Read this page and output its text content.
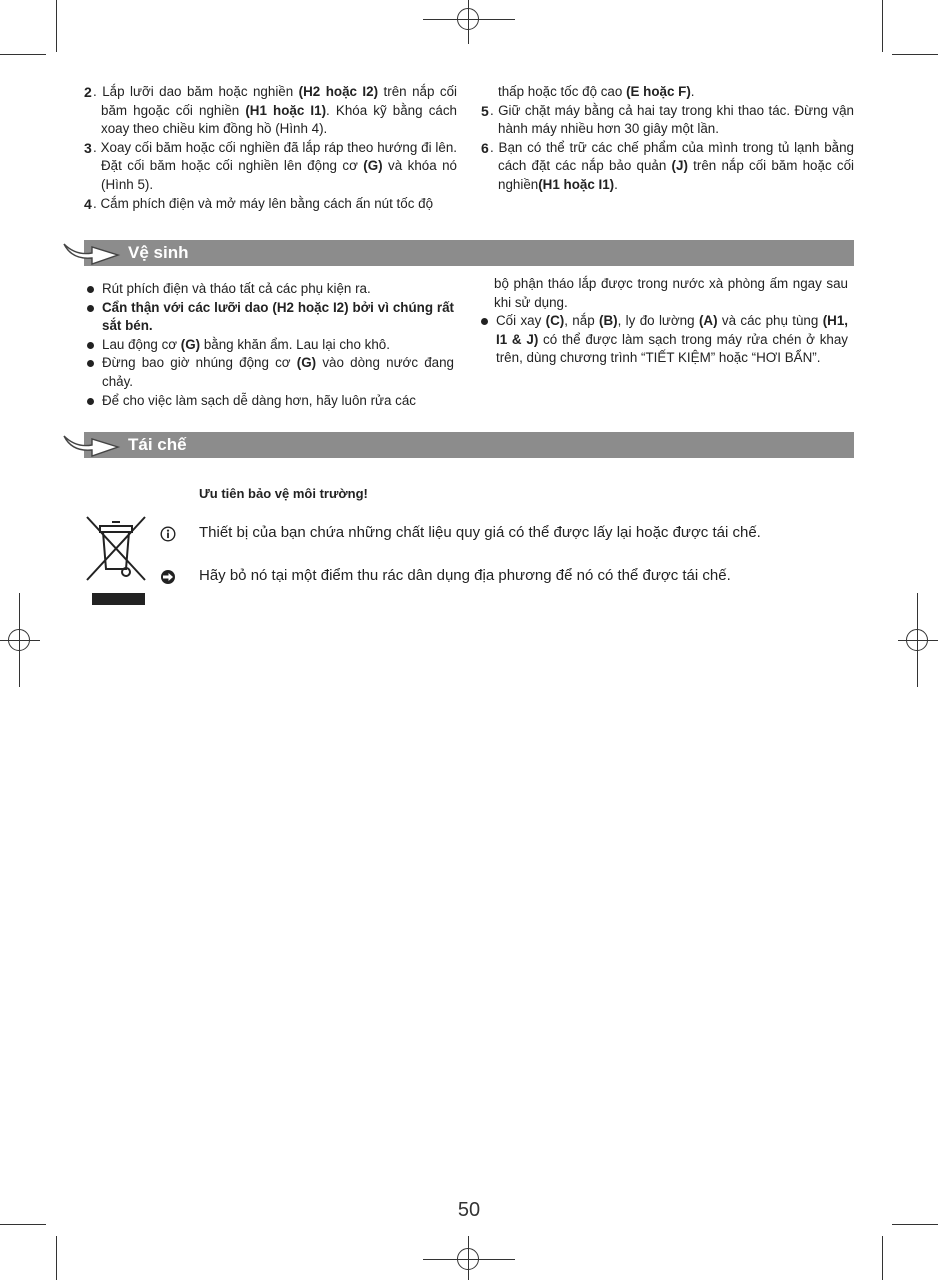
2 . Lắp lưỡi dao băm hoặc nghiền (H2 hoặc I2) trên nắp cối băm hgoặc cối nghiền (H1 hoặc I1). Khóa kỹ bằng cách xoay theo chiều kim đồng hồ (Hình 4).
3 . Xoay cối băm hoặc cối nghiền đã lắp ráp theo hướng đi lên. Đặt cối băm hoặc cối nghiền lên động cơ (G) và khóa nó (Hình 5).
4 . Cắm phích điện và mở máy lên bằng cách ấn nút tốc độ
thấp hoặc tốc độ cao (E hoặc F).
5 . Giữ chặt máy bằng cả hai tay trong khi thao tác. Đừng vận hành máy nhiều hơn 30 giây một lần.
6 . Bạn có thể trữ các chế phẩm của mình trong tủ lạnh bằng cách đặt các nắp bảo quản (J) trên nắp cối băm hoặc cối nghiền(H1 hoặc I1).
Vệ sinh
Rút phích điện và tháo tất cả các phụ kiện ra.
Cẩn thận với các lưỡi dao (H2 hoặc I2) bởi vì chúng rất sắt bén.
Lau động cơ (G) bằng khăn ẩm. Lau lại cho khô.
Đừng bao giờ nhúng động cơ (G) vào dòng nước đang chảy.
Để cho việc làm sạch dễ dàng hơn, hãy luôn rửa các
bộ phận tháo lắp được trong nước xà phòng ấm ngay sau khi sử dụng.
Cối xay (C), nắp (B), ly đo lường (A) và các phụ tùng (H1, I1 & J) có thể được làm sạch trong máy rửa chén ở khay trên, dùng chương trình “TIẾT KIỆM” hoặc “HƠI BẨN”.
Tái chế
Ưu tiên bảo vệ môi trường!
Thiết bị của bạn chứa những chất liệu quy giá có thể được lấy lại hoặc được tái chế.
Hãy bỏ nó tại một điểm thu rác dân dụng địa phương để nó có thể được tái chế.
50
